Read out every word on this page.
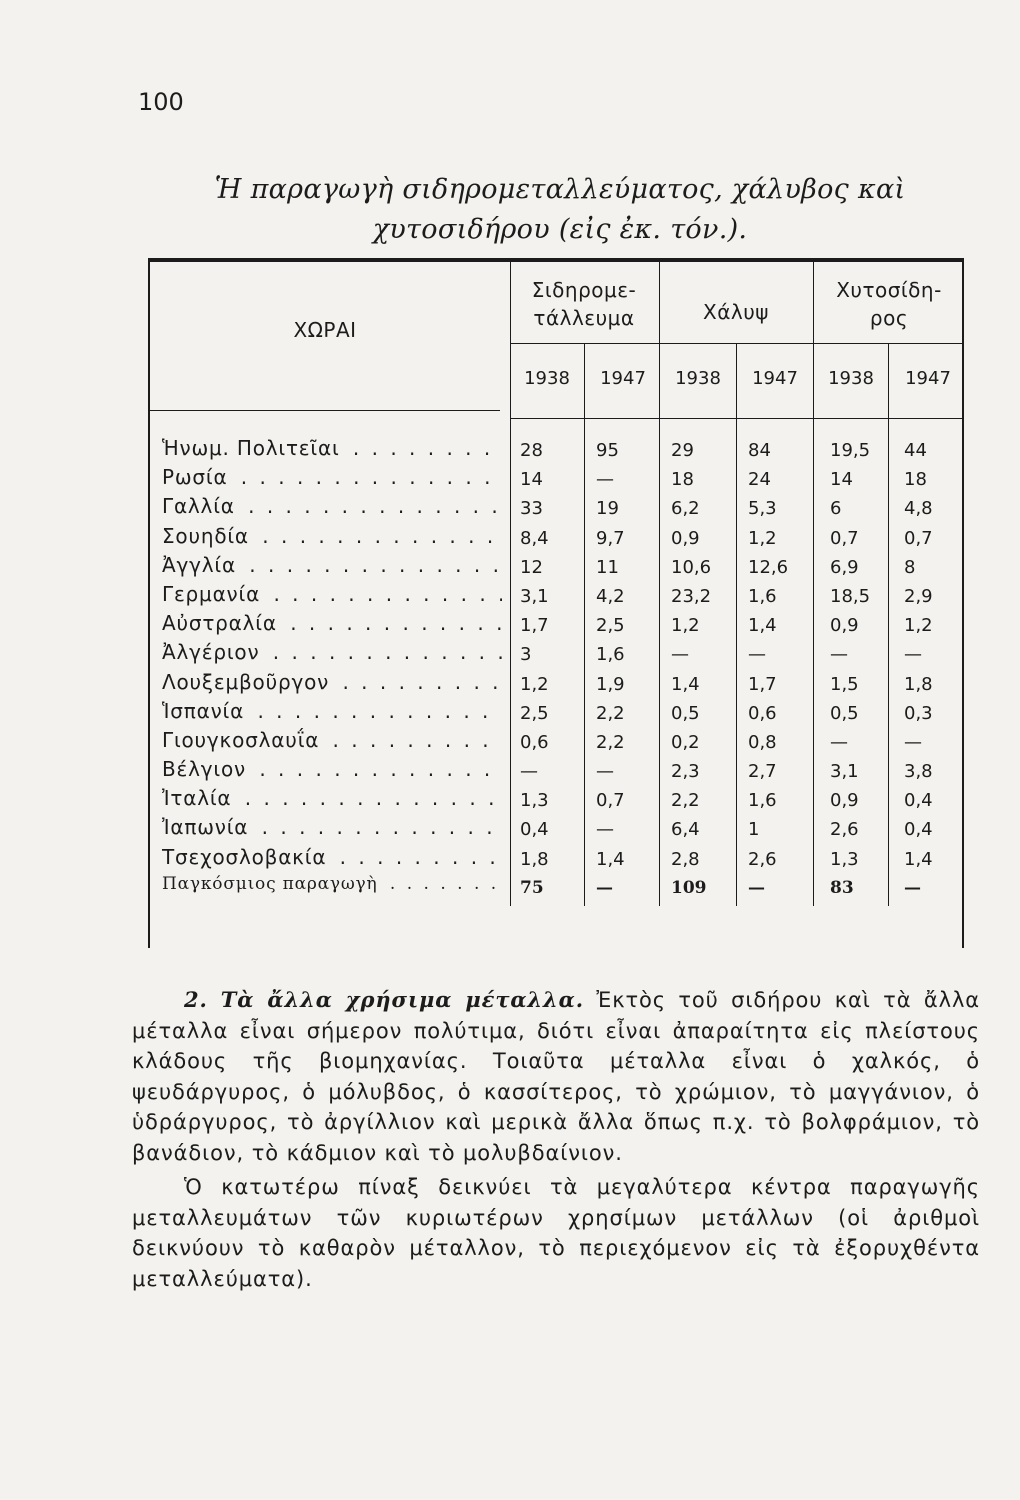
100
Ἡ παραγωγὴ σιδηρομεταλλεύματος, χάλυβος καὶ χυτοσιδήρου (εἰς ἐκ. τόν.).
ΧΩΡΑΙ
Σιδηρομε-τάλλευμα	Χάλυψ
Χυτοσίδη-ρος
1938	1947	1938	1947	1938	1947
Ἡνωμ. Πολιτεῖαι . . .	28	95	29	84	19,5 44
Ρωσία . . .	14	—	18	24	14	18
Γαλλία . . .	33	19	6,2	5,3	6	4,8
Σουηδία . . .	8,4	9,7	0,9	1,2	0,7	0,7
Ἀγγλία . . .	12	11	10,6 12,6 6,9	8
Γερμανία . . .	3,1	4,2	23,2 1,6	18,5 2,9
Αὐστραλία . . .	1,7	2,5	1,2	1,4	0,9	1,2
Ἀλγέριον . . .	3	1,6	—	—	—	—
Λουξεμβοῦργον . . .	1,2	1,9	1,4	1,7	1,5	1,8
Ἱσπανία . . .	2,5	2,2	0,5	0,6	0,5	0,3
Γιουγκοσλαυΐα . . .	0,6	2,2	0,2	0,8	—	—
Βέλγιον . . .	—	—	2,3	2,7	3,1	3,8
Ἰταλία . . .	1,3	0,7	2,2	1,6	0,9	0,4
Ἰαπωνία . . .	0,4	—	6,4	1	2,6	0,4
Τσεχοσλοβακία . . .	1,8	1,4	2,8	2,6	1,3	1,4
Παγκόσμιος παραγωγὴ . . .	75	—	109 —	83	—

2. Τὰ ἄλλα χρήσιμα μέταλλα. Ἐκτὸς τοῦ σιδήρου καὶ τὰ ἄλλα μέταλλα εἶναι σήμερον πολύτιμα, διότι εἶναι ἀπαραίτητα εἰς πλείστους κλάδους τῆς βιομηχανίας. Τοιαῦτα μέταλλα εἶναι ὁ χαλκός, ὁ ψευδάργυρος, ὁ μόλυβδος, ὁ κασσίτερος, τὸ χρώμιον, τὸ μαγγάνιον, ὁ ὑδράργυρος, τὸ ἀργίλλιον καὶ μερικὰ ἄλλα ὅπως π.χ. τὸ βολφράμιον, τὸ βανάδιον, τὸ κάδμιον καὶ τὸ μολυβδαίνιον.

Ὁ κατωτέρω πίναξ δεικνύει τὰ μεγαλύτερα κέντρα παραγωγῆς μεταλλευμάτων τῶν κυριωτέρων χρησίμων μετάλλων (οἱ ἀριθμοὶ δεικνύουν τὸ καθαρὸν μέταλλον, τὸ περιεχόμενον εἰς τὰ ἐξορυχθέντα μεταλλεύματα).
